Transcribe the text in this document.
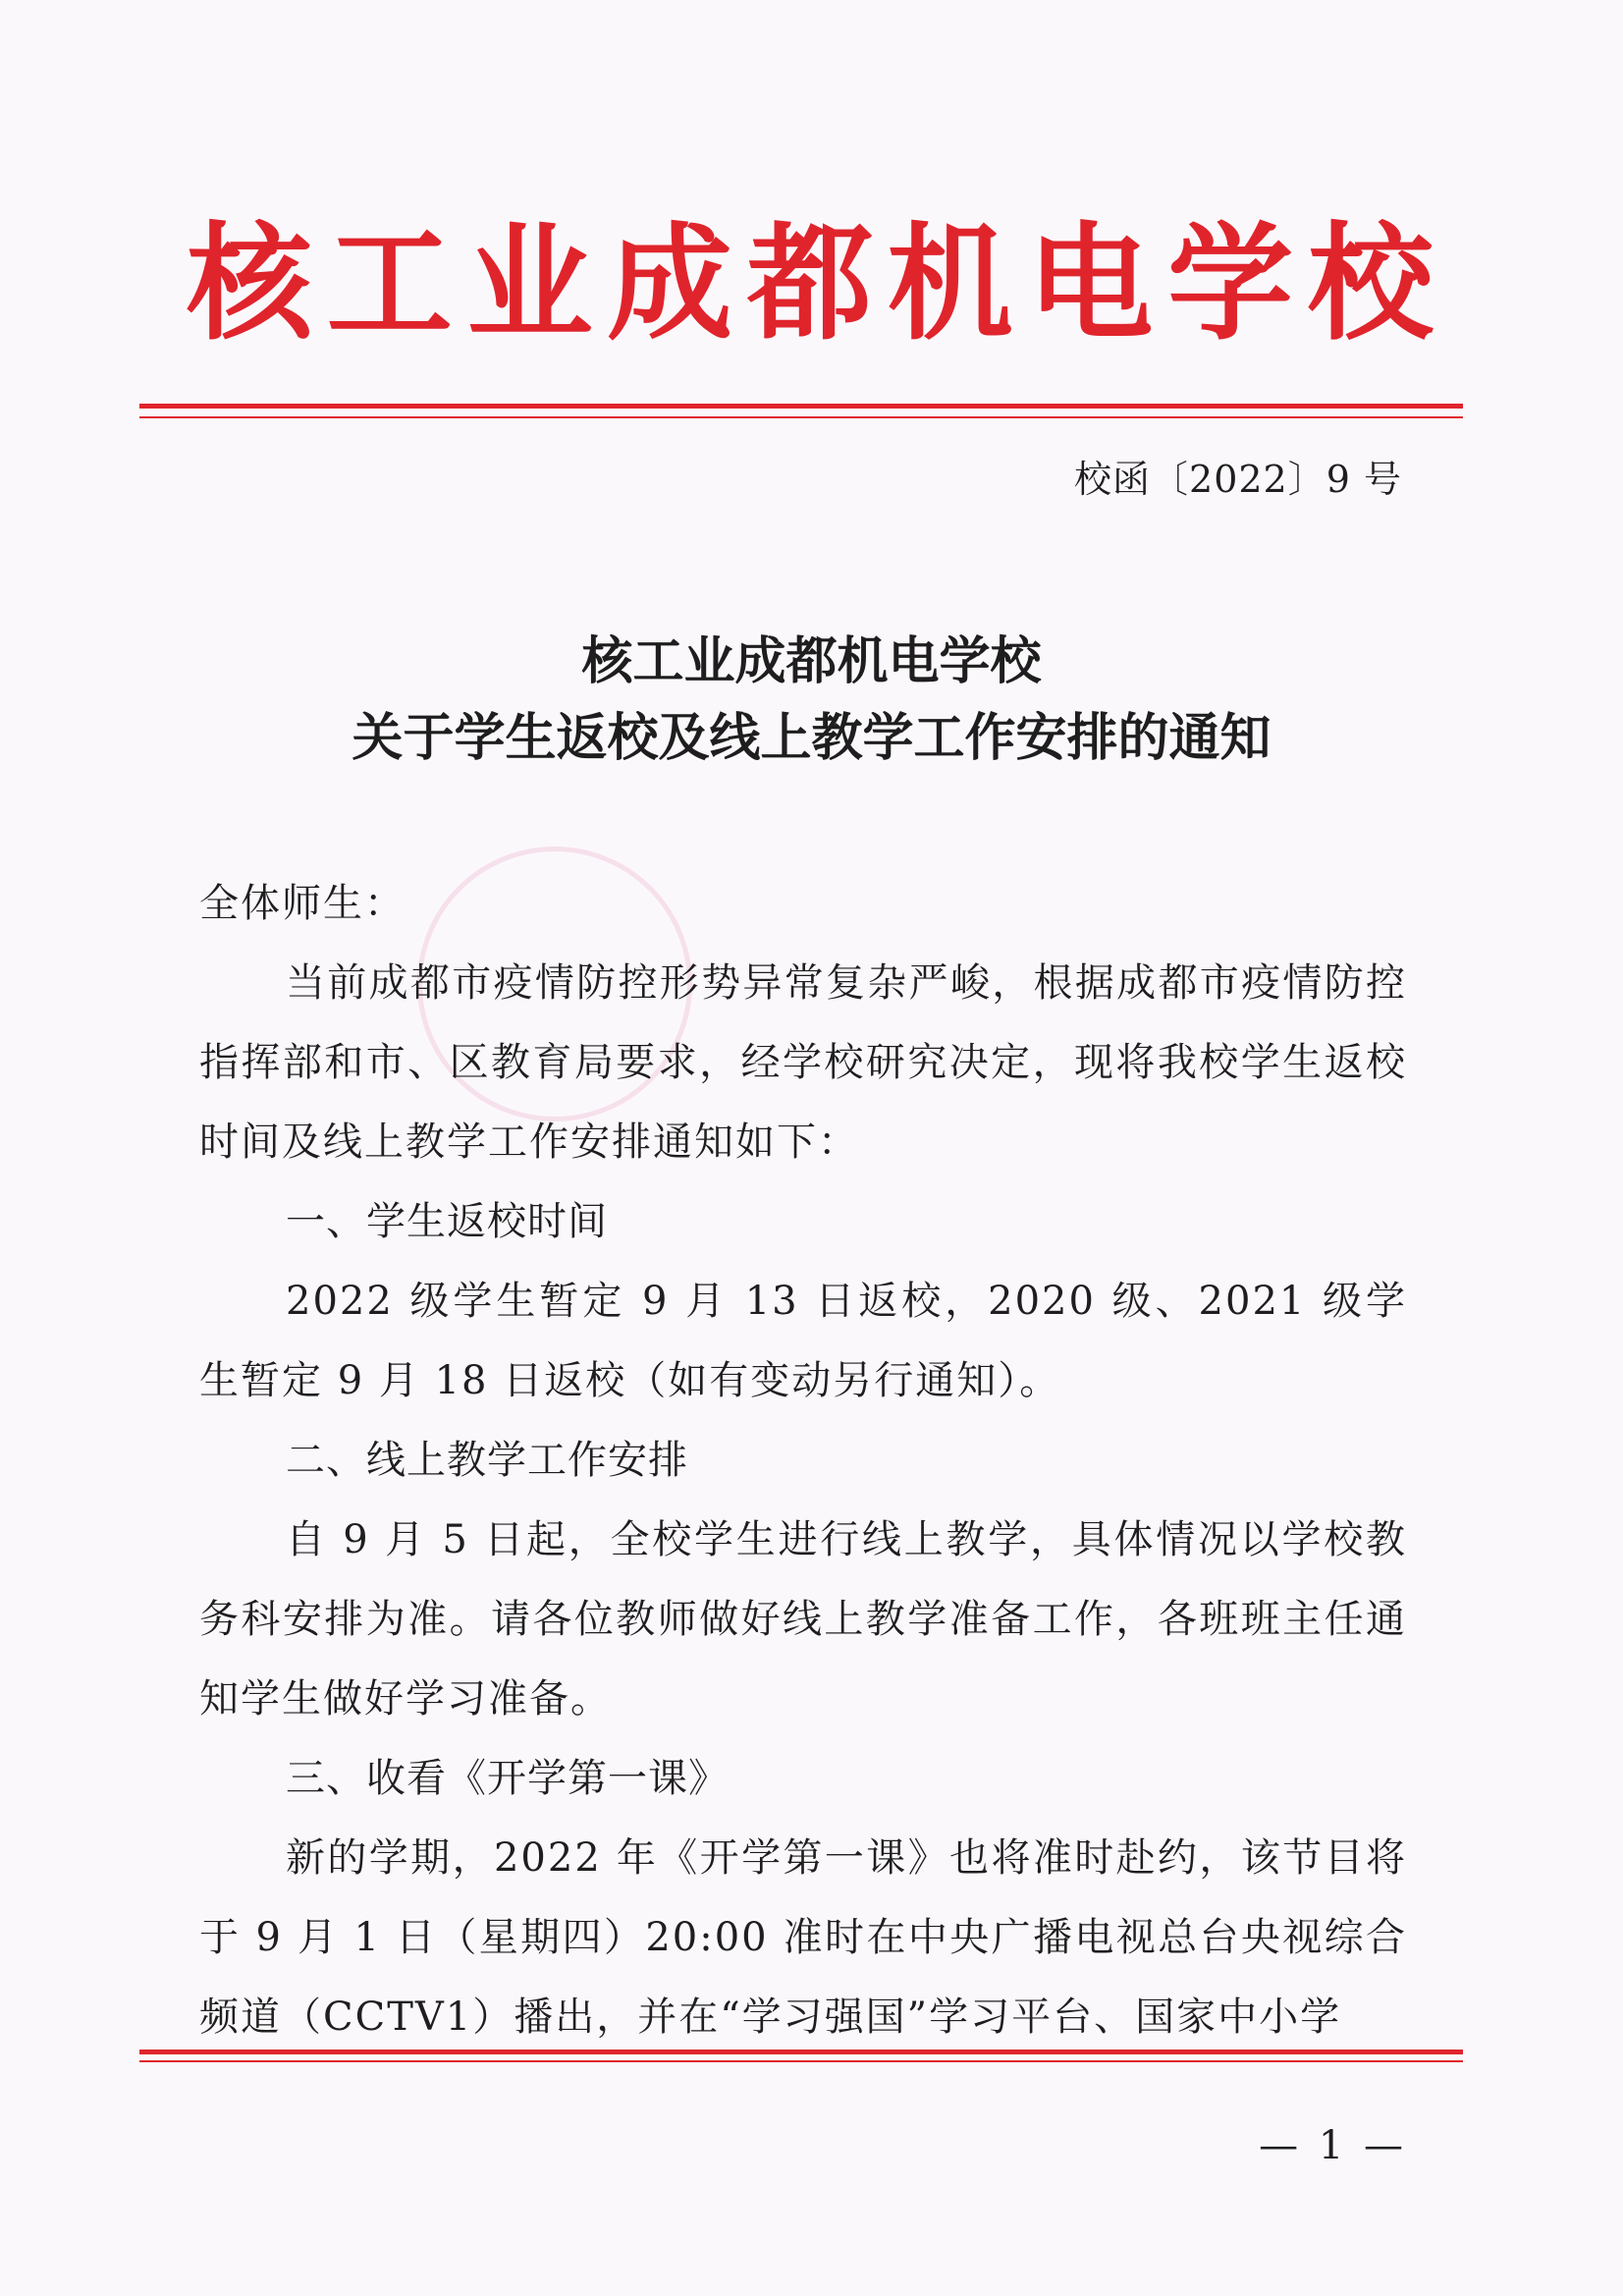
核 工 业 成 都 机 电 学 校
校函〔2022〕9 号
核工业成都机电学校
关于学生返校及线上教学工作安排的通知

全体师生：

当前成都市疫情防控形势异常复杂严峻，根据成都市疫情防控指挥部和市、区教育局要求，经学校研究决定，现将我校学生返校时间及线上教学工作安排通知如下：

一、学生返校时间

2022 级学生暂定 9 月 13 日返校，2020 级、2021 级学生暂定 9 月 18 日返校（如有变动另行通知）。

二、线上教学工作安排

自 9 月 5 日起，全校学生进行线上教学，具体情况以学校教务科安排为准。请各位教师做好线上教学准备工作，各班班主任通知学生做好学习准备。

三、收看《开学第一课》

新的学期，2022 年《开学第一课》也将准时赴约，该节目将于 9 月 1 日（星期四）20:00 准时在中央广播电视总台央视综合频道（CCTV1）播出，并在“学习强国”学习平台、国家中小学

— 1 —
